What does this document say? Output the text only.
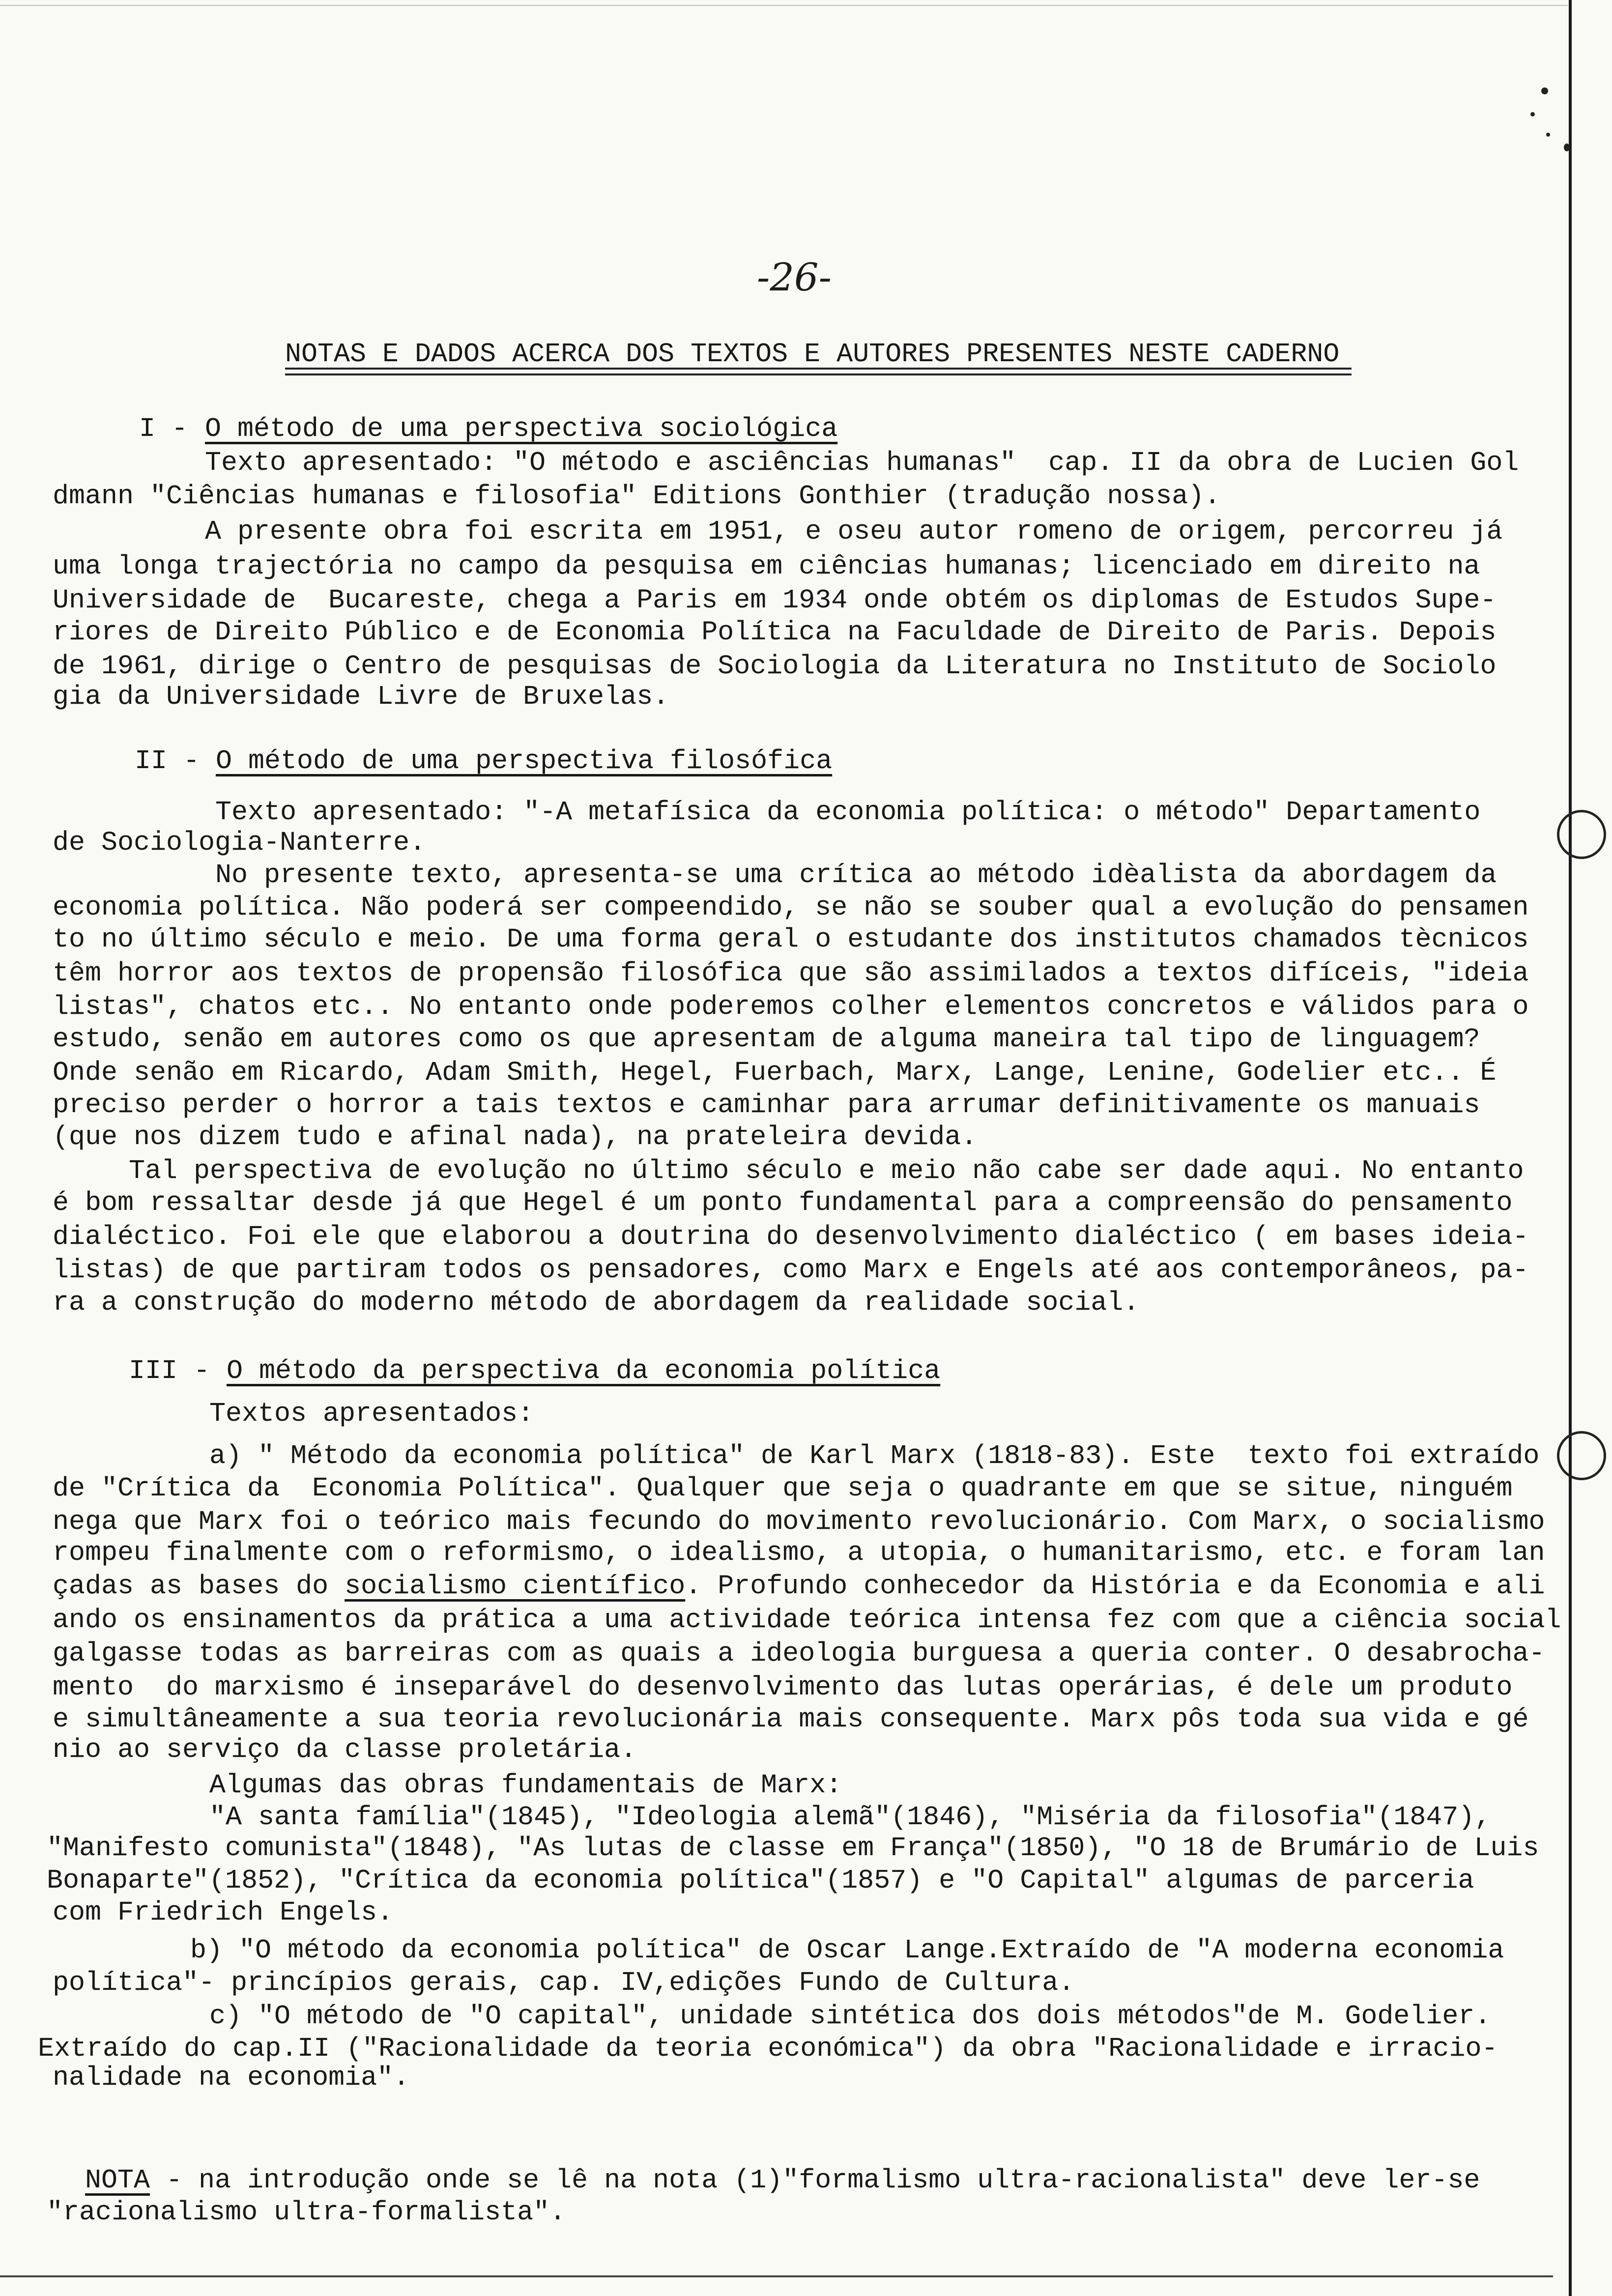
-26-
NOTAS E DADOS ACERCA DOS TEXTOS E AUTORES PRESENTES NESTE CADERNO
I - O método de uma perspectiva sociológica
Texto apresentado: "O método e asciências humanas"  cap. II da obra de Lucien Gol
dmann "Ciências humanas e filosofia" Editions Gonthier (tradução nossa).
A presente obra foi escrita em 1951, e oseu autor romeno de origem, percorreu já
uma longa trajectória no campo da pesquisa em ciências humanas; licenciado em direito na
Universidade de  Bucareste, chega a Paris em 1934 onde obtém os diplomas de Estudos Supe-
riores de Direito Público e de Economia Política na Faculdade de Direito de Paris. Depois
de 1961, dirige o Centro de pesquisas de Sociologia da Literatura no Instituto de Sociolo
gia da Universidade Livre de Bruxelas.
II - O método de uma perspectiva filosófica
Texto apresentado: "-A metafísica da economia política: o método" Departamento
de Sociologia-Nanterre.
No presente texto, apresenta-se uma crítica ao método idèalista da abordagem da
economia política. Não poderá ser compeendido, se não se souber qual a evolução do pensamen
to no último século e meio. De uma forma geral o estudante dos institutos chamados tècnicos
têm horror aos textos de propensão filosófica que são assimilados a textos difíceis, "ideia
listas", chatos etc.. No entanto onde poderemos colher elementos concretos e válidos para o
estudo, senão em autores como os que apresentam de alguma maneira tal tipo de linguagem?
Onde senão em Ricardo, Adam Smith, Hegel, Fuerbach, Marx, Lange, Lenine, Godelier etc.. É
preciso perder o horror a tais textos e caminhar para arrumar definitivamente os manuais
(que nos dizem tudo e afinal nada), na prateleira devida.
Tal perspectiva de evolução no último século e meio não cabe ser dade aqui. No entanto
é bom ressaltar desde já que Hegel é um ponto fundamental para a compreensão do pensamento
dialéctico. Foi ele que elaborou a doutrina do desenvolvimento dialéctico ( em bases ideia-
listas) de que partiram todos os pensadores, como Marx e Engels até aos contemporâneos, pa-
ra a construção do moderno método de abordagem da realidade social.
III - O método da perspectiva da economia política
Textos apresentados:
a) " Método da economia política" de Karl Marx (1818-83). Este  texto foi extraído
de "Crítica da  Economia Política". Qualquer que seja o quadrante em que se situe, ninguém
nega que Marx foi o teórico mais fecundo do movimento revolucionário. Com Marx, o socialismo
rompeu finalmente com o reformismo, o idealismo, a utopia, o humanitarismo, etc. e foram lan
çadas as bases do socialismo científico. Profundo conhecedor da História e da Economia e ali
ando os ensinamentos da prática a uma actividade teórica intensa fez com que a ciência social
galgasse todas as barreiras com as quais a ideologia burguesa a queria conter. O desabrocha-
mento  do marxismo é inseparável do desenvolvimento das lutas operárias, é dele um produto
e simultâneamente a sua teoria revolucionária mais consequente. Marx pôs toda sua vida e gé
nio ao serviço da classe proletária.
Algumas das obras fundamentais de Marx:
"A santa família"(1845), "Ideologia alemã"(1846), "Miséria da filosofia"(1847),
"Manifesto comunista"(1848), "As lutas de classe em França"(1850), "O 18 de Brumário de Luis
Bonaparte"(1852), "Crítica da economia política"(1857) e "O Capital" algumas de parceria
com Friedrich Engels.
b) "O método da economia política" de Oscar Lange.Extraído de "A moderna economia
política"- princípios gerais, cap. IV,edições Fundo de Cultura.
c) "O método de "O capital", unidade sintética dos dois métodos"de M. Godelier.
Extraído do cap.II ("Racionalidade da teoria económica") da obra "Racionalidade e irracio-
nalidade na economia".
NOTA - na introdução onde se lê na nota (1)"formalismo ultra-racionalista" deve ler-se
"racionalismo ultra-formalista".
